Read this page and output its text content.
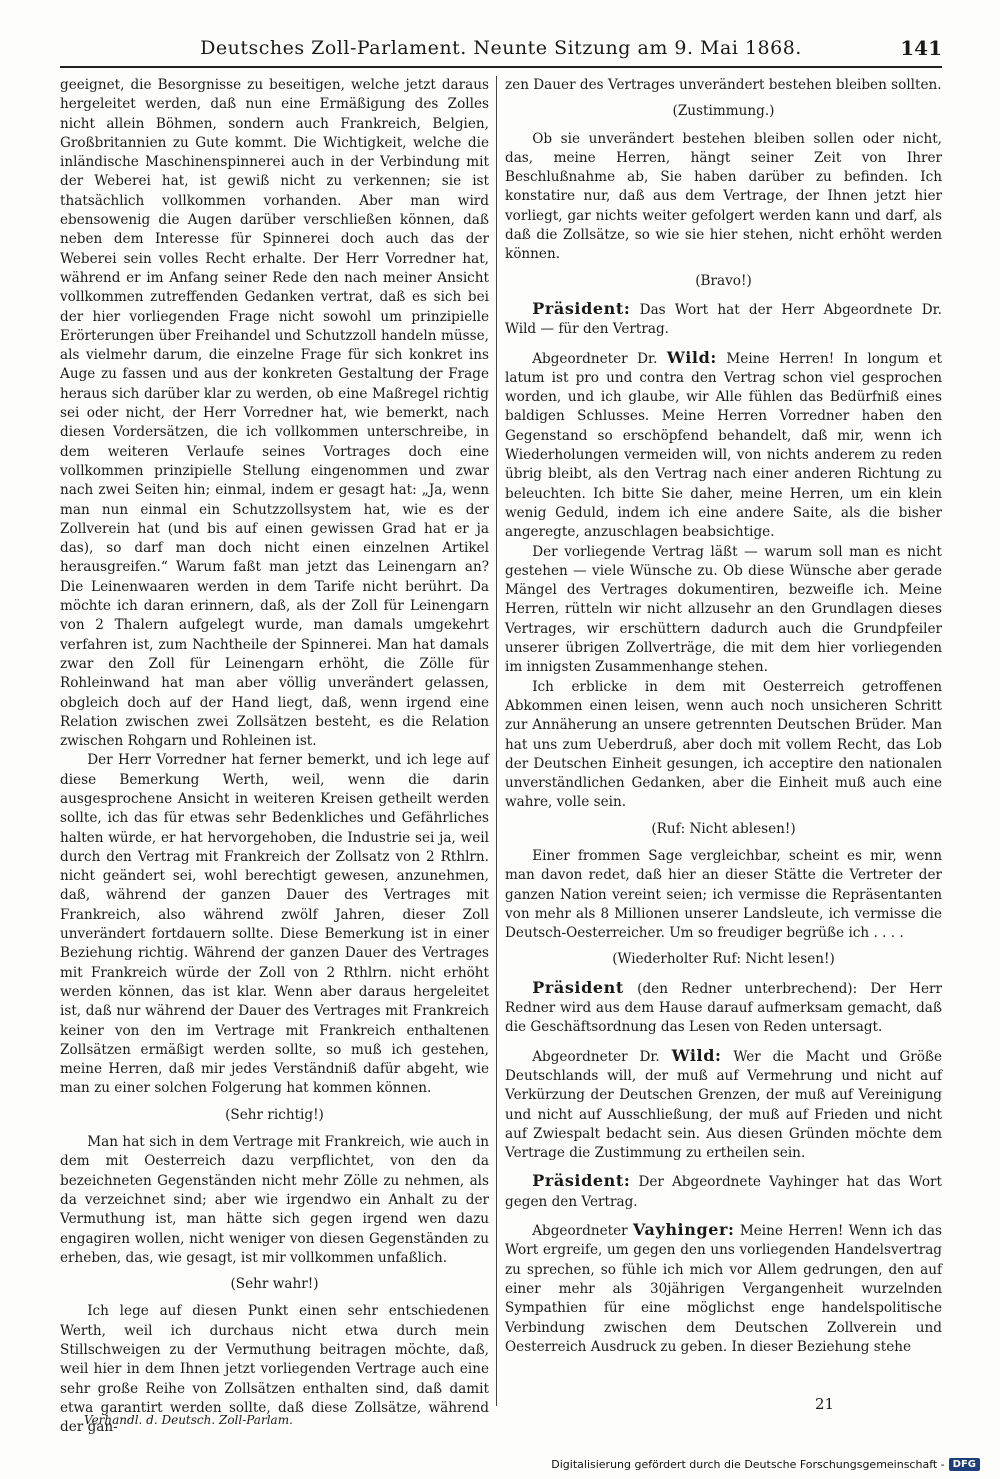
Deutsches Zoll-Parlament. Neunte Sitzung am 9. Mai 1868.	141

geeignet, die Besorgnisse zu beseitigen, welche jetzt daraus hergeleitet werden, daß nun eine Ermäßigung des Zolles nicht allein Böhmen, sondern auch Frankreich, Belgien, Großbritannien zu Gute kommt. Die Wichtigkeit, welche die inländische Maschinenspinnerei auch in der Verbindung mit der Weberei hat, ist gewiß nicht zu verkennen; sie ist thatsächlich vollkommen vorhanden. Aber man wird ebensowenig die Augen darüber verschließen können, daß neben dem Interesse für Spinnerei doch auch das der Weberei sein volles Recht erhalte. Der Herr Vorredner hat, während er im Anfang seiner Rede den nach meiner Ansicht vollkommen zutreffenden Gedanken vertrat, daß es sich bei der hier vorliegenden Frage nicht sowohl um prinzipielle Erörterungen über Freihandel und Schutzzoll handeln müsse, als vielmehr darum, die einzelne Frage für sich konkret ins Auge zu fassen und aus der konkreten Gestaltung der Frage heraus sich darüber klar zu werden, ob eine Maßregel richtig sei oder nicht, der Herr Vorredner hat, wie bemerkt, nach diesen Vordersätzen, die ich vollkommen unterschreibe, in dem weiteren Verlaufe seines Vortrages doch eine vollkommen prinzipielle Stellung eingenommen und zwar nach zwei Seiten hin; einmal, indem er gesagt hat: „Ja, wenn man nun einmal ein Schutzzollsystem hat, wie es der Zollverein hat (und bis auf einen gewissen Grad hat er ja das), so darf man doch nicht einen einzelnen Artikel herausgreifen.“ Warum faßt man jetzt das Leinengarn an? Die Leinenwaaren werden in dem Tarife nicht berührt. Da möchte ich daran erinnern, daß, als der Zoll für Leinengarn von 2 Thalern aufgelegt wurde, man damals umgekehrt verfahren ist, zum Nachtheile der Spinnerei. Man hat damals zwar den Zoll für Leinengarn erhöht, die Zölle für Rohleinwand hat man aber völlig unverändert gelassen, obgleich doch auf der Hand liegt, daß, wenn irgend eine Relation zwischen zwei Zollsätzen besteht, es die Relation zwischen Rohgarn und Rohleinen ist.

Der Herr Vorredner hat ferner bemerkt, und ich lege auf diese Bemerkung Werth, weil, wenn die darin ausgesprochene Ansicht in weiteren Kreisen getheilt werden sollte, ich das für etwas sehr Bedenkliches und Gefährliches halten würde, er hat hervorgehoben, die Industrie sei ja, weil durch den Vertrag mit Frankreich der Zollsatz von 2 Rthlrn. nicht geändert sei, wohl berechtigt gewesen, anzunehmen, daß, während der ganzen Dauer des Vertrages mit Frankreich, also während zwölf Jahren, dieser Zoll unverändert fortdauern sollte. Diese Bemerkung ist in einer Beziehung richtig. Während der ganzen Dauer des Vertrages mit Frankreich würde der Zoll von 2 Rthlrn. nicht erhöht werden können, das ist klar. Wenn aber daraus hergeleitet ist, daß nur während der Dauer des Vertrages mit Frankreich keiner von den im Vertrage mit Frankreich enthaltenen Zollsätzen ermäßigt werden sollte, so muß ich gestehen, meine Herren, daß mir jedes Verständniß dafür abgeht, wie man zu einer solchen Folgerung hat kommen können.

(Sehr richtig!)

Man hat sich in dem Vertrage mit Frankreich, wie auch in dem mit Oesterreich dazu verpflichtet, von den da bezeichneten Gegenständen nicht mehr Zölle zu nehmen, als da verzeichnet sind; aber wie irgendwo ein Anhalt zu der Vermuthung ist, man hätte sich gegen irgend wen dazu engagiren wollen, nicht weniger von diesen Gegenständen zu erheben, das, wie gesagt, ist mir vollkommen unfaßlich.

(Sehr wahr!)

Ich lege auf diesen Punkt einen sehr entschiedenen Werth, weil ich durchaus nicht etwa durch mein Stillschweigen zu der Vermuthung beitragen möchte, daß, weil hier in dem Ihnen jetzt vorliegenden Vertrage auch eine sehr große Reihe von Zollsätzen enthalten sind, daß damit etwa garantirt werden sollte, daß diese Zollsätze, während der gan-

zen Dauer des Vertrages unverändert bestehen bleiben sollten.

(Zustimmung.)

Ob sie unverändert bestehen bleiben sollen oder nicht, das, meine Herren, hängt seiner Zeit von Ihrer Beschlußnahme ab, Sie haben darüber zu befinden. Ich konstatire nur, daß aus dem Vertrage, der Ihnen jetzt hier vorliegt, gar nichts weiter gefolgert werden kann und darf, als daß die Zollsätze, so wie sie hier stehen, nicht erhöht werden können.

(Bravo!)

Präsident: Das Wort hat der Herr Abgeordnete Dr. Wild — für den Vertrag.

Abgeordneter Dr. Wild: Meine Herren! In longum et latum ist pro und contra den Vertrag schon viel gesprochen worden, und ich glaube, wir Alle fühlen das Bedürfniß eines baldigen Schlusses. Meine Herren Vorredner haben den Gegenstand so erschöpfend behandelt, daß mir, wenn ich Wiederholungen vermeiden will, von nichts anderem zu reden übrig bleibt, als den Vertrag nach einer anderen Richtung zu beleuchten. Ich bitte Sie daher, meine Herren, um ein klein wenig Geduld, indem ich eine andere Saite, als die bisher angeregte, anzuschlagen beabsichtige.

Der vorliegende Vertrag läßt — warum soll man es nicht gestehen — viele Wünsche zu. Ob diese Wünsche aber gerade Mängel des Vertrages dokumentiren, bezweifle ich. Meine Herren, rütteln wir nicht allzusehr an den Grundlagen dieses Vertrages, wir erschüttern dadurch auch die Grundpfeiler unserer übrigen Zollverträge, die mit dem hier vorliegenden im innigsten Zusammenhange stehen.

Ich erblicke in dem mit Oesterreich getroffenen Abkommen einen leisen, wenn auch noch unsicheren Schritt zur Annäherung an unsere getrennten Deutschen Brüder. Man hat uns zum Ueberdruß, aber doch mit vollem Recht, das Lob der Deutschen Einheit gesungen, ich acceptire den nationalen unverständlichen Gedanken, aber die Einheit muß auch eine wahre, volle sein.

(Ruf: Nicht ablesen!)

Einer frommen Sage vergleichbar, scheint es mir, wenn man davon redet, daß hier an dieser Stätte die Vertreter der ganzen Nation vereint seien; ich vermisse die Repräsentanten von mehr als 8 Millionen unserer Landsleute, ich vermisse die Deutsch-Oesterreicher. Um so freudiger begrüße ich . . . .

(Wiederholter Ruf: Nicht lesen!)

Präsident (den Redner unterbrechend): Der Herr Redner wird aus dem Hause darauf aufmerksam gemacht, daß die Geschäftsordnung das Lesen von Reden untersagt.

Abgeordneter Dr. Wild: Wer die Macht und Größe Deutschlands will, der muß auf Vermehrung und nicht auf Verkürzung der Deutschen Grenzen, der muß auf Vereinigung und nicht auf Ausschließung, der muß auf Frieden und nicht auf Zwiespalt bedacht sein. Aus diesen Gründen möchte dem Vertrage die Zustimmung zu ertheilen sein.

Präsident: Der Abgeordnete Vayhinger hat das Wort gegen den Vertrag.

Abgeordneter Vayhinger: Meine Herren! Wenn ich das Wort ergreife, um gegen den uns vorliegenden Handelsvertrag zu sprechen, so fühle ich mich vor Allem gedrungen, den auf einer mehr als 30jährigen Vergangenheit wurzelnden Sympathien für eine möglichst enge handelspolitische Verbindung zwischen dem Deutschen Zollverein und Oesterreich Ausdruck zu geben. In dieser Beziehung stehe

Verhandl. d. Deutsch. Zoll-Parlam.
21
Digitalisierung gefördert durch die Deutsche Forschungsgemeinschaft - DFG
